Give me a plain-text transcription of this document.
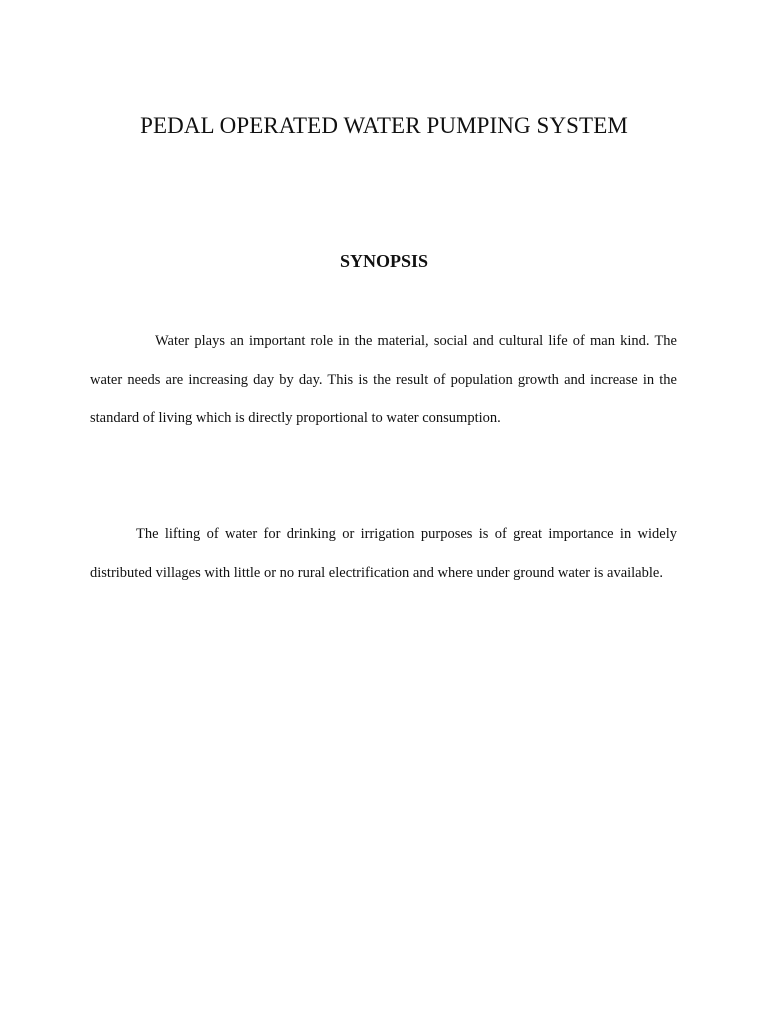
PEDAL OPERATED WATER PUMPING SYSTEM
SYNOPSIS

Water plays an important role in the material, social and cultural life of man kind. The water needs are increasing day by day. This is the result of population growth and increase in the standard of living which is directly proportional to water consumption.

The lifting of water for drinking or irrigation purposes is of great importance in widely distributed villages with little or no rural electrification and where under ground water is available.
